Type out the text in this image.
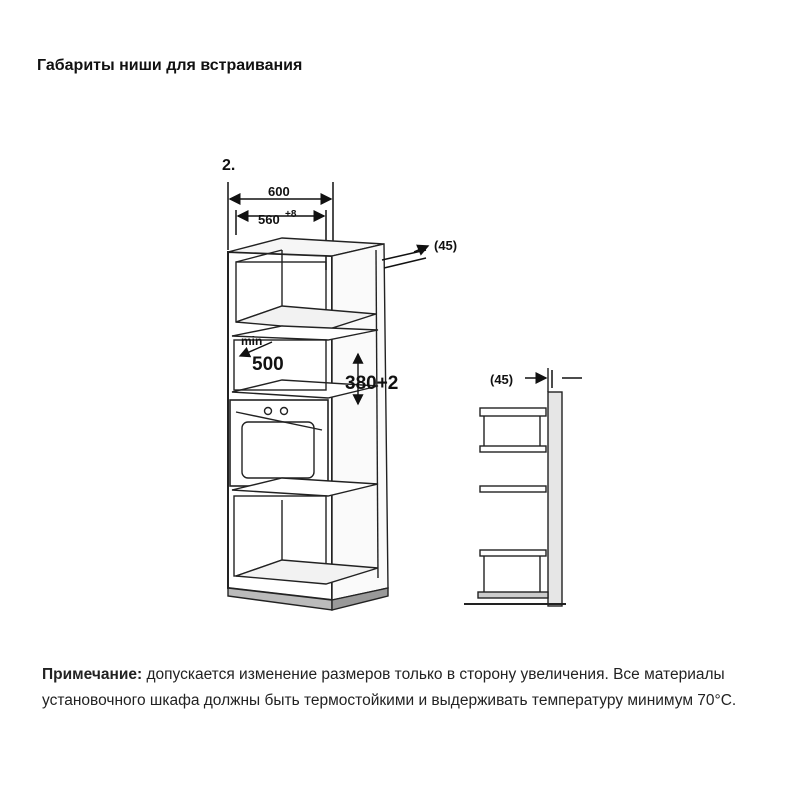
Габариты ниши для встраивания
2.
600
560 +8
(45)
min
500
380+2	(45)
Примечание: допускается изменение размеров только в сторону увеличения. Все материалы установочного шкафа должны быть термостойкими и выдерживать температуру минимум 70°С.
